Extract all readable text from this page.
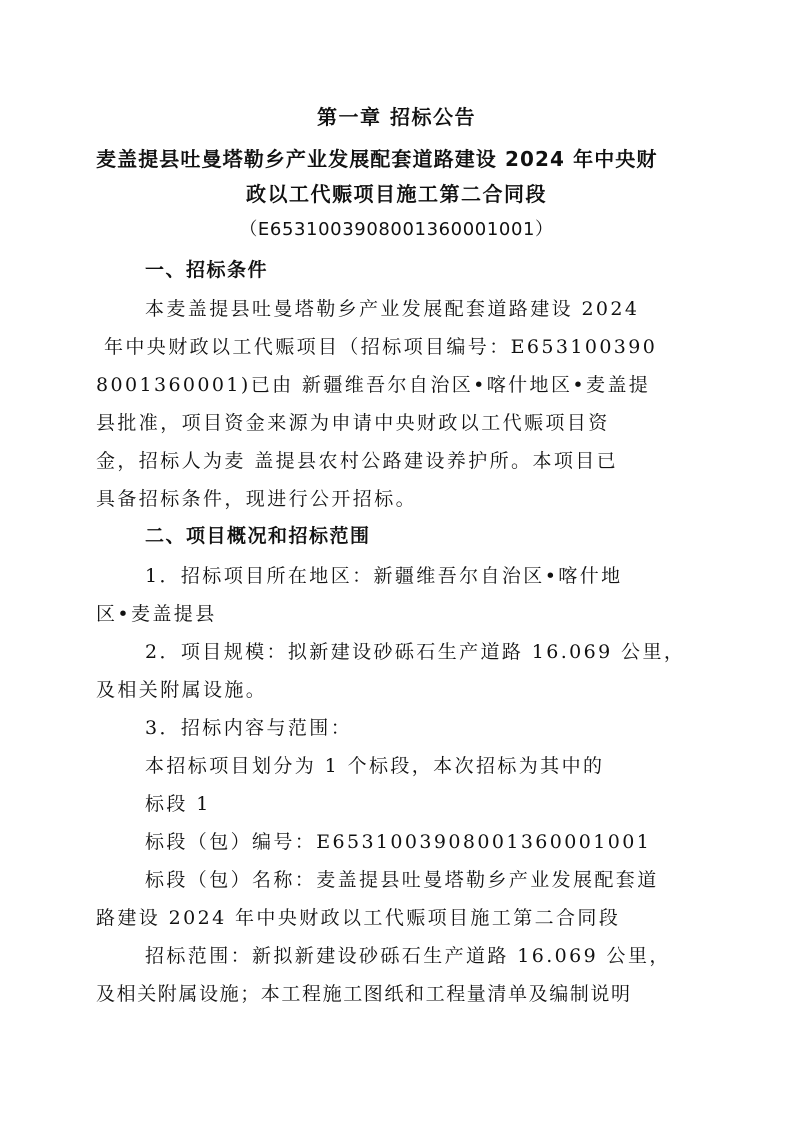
第一章 招标公告
麦盖提县吐曼塔勒乡产业发展配套道路建设 2024 年中央财
政以工代赈项目施工第二合同段
（E6531003908001360001001）
一、招标条件
本麦盖提县吐曼塔勒乡产业发展配套道路建设 2024
年中央财政以工代赈项目（招标项目编号：E653100390
8001360001)已由 新疆维吾尔自治区•喀什地区•麦盖提
县批准，项目资金来源为申请中央财政以工代赈项目资
金，招标人为麦 盖提县农村公路建设养护所。本项目已
具备招标条件，现进行公开招标。
二、项目概况和招标范围
1．招标项目所在地区：新疆维吾尔自治区•喀什地
区•麦盖提县
2．项目规模：拟新建设砂砾石生产道路 16.069 公里，
及相关附属设施。
3．招标内容与范围：
本招标项目划分为 1 个标段，本次招标为其中的
标段 1
标段（包）编号：E6531003908001360001001
标段（包）名称：麦盖提县吐曼塔勒乡产业发展配套道
路建设 2024 年中央财政以工代赈项目施工第二合同段
招标范围：新拟新建设砂砾石生产道路 16.069 公里，
及相关附属设施；本工程施工图纸和工程量清单及编制说明
